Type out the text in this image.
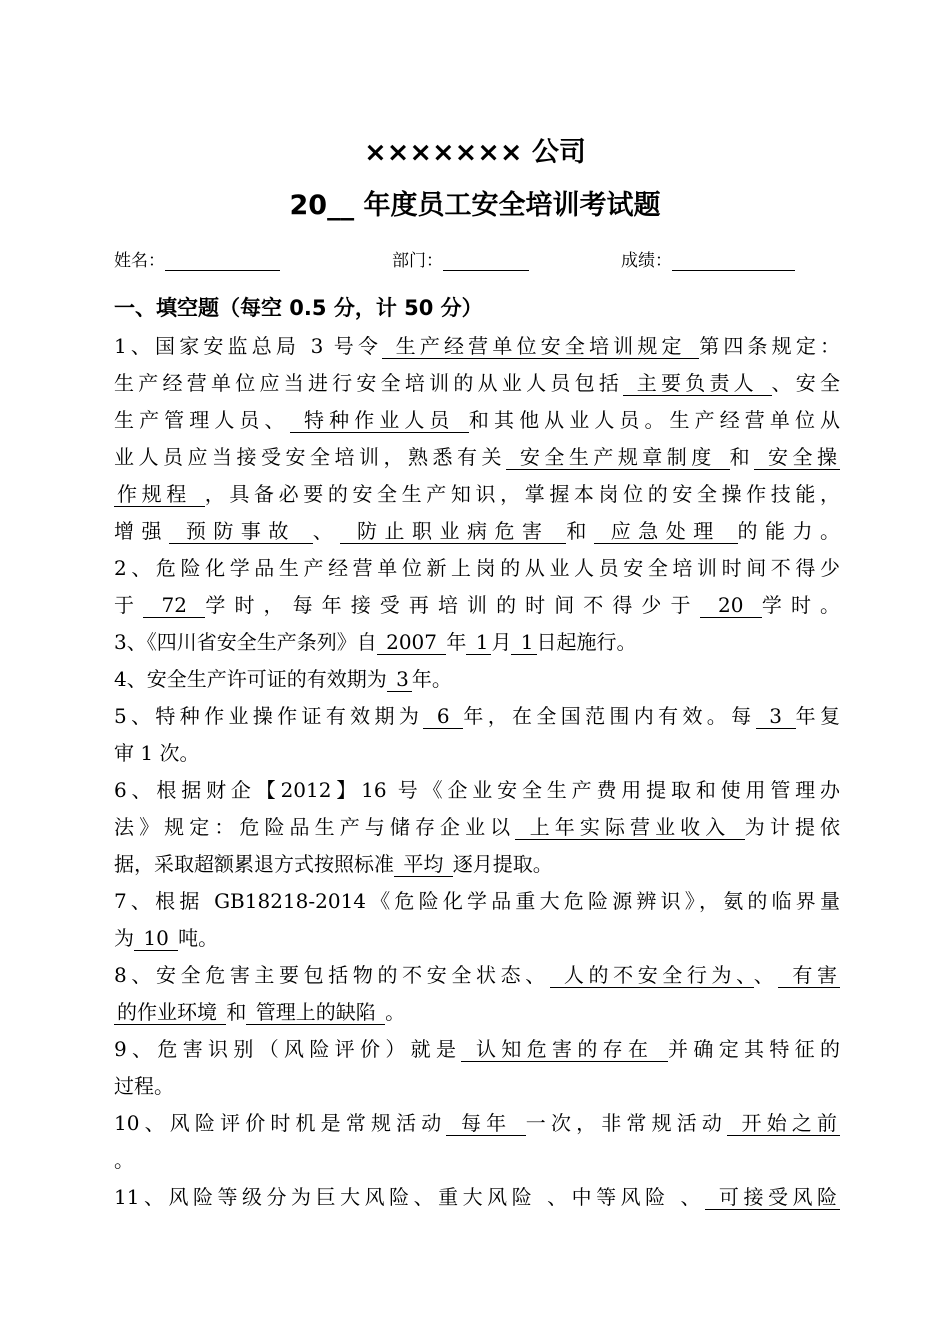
××××××× 公司
20__ 年度员工安全培训考试题
姓名：	部门：	成绩：
一、填空题（每空 0.5 分，计 50 分）
1、国家安监总局 3 号令 生产经营单位安全培训规定 第四条规定：
生产经营单位应当进行安全培训的从业人员包括 主要负责人 、安全
生产管理人员、 特种作业人员 和其他从业人员。生产经营单位从
业人员应当接受安全培训，熟悉有关 安全生产规章制度 和 安全操
作规程 ，具备必要的安全生产知识，掌握本岗位的安全操作技能，
增强 预防事故 、 防止职业病危害 和 应急处理 的能力。
2、危险化学品生产经营单位新上岗的从业人员安全培训时间不得少
于 72 学时，每年接受再培训的时间不得少于 20 学时。
3、《四川省安全生产条列》自 2007 年 1 月 1 日起施行。
4、安全生产许可证的有效期为 3 年。
5、特种作业操作证有效期为 6 年，在全国范围内有效。每 3 年复
审 1 次。
6、根据财企【2012】16 号《企业安全生产费用提取和使用管理办
法》规定：危险品生产与储存企业以 上年实际营业收入 为计提依
据，采取超额累退方式按照标准 平均 逐月提取。
7、根据 GB18218-2014《危险化学品重大危险源辨识》，氨的临界量
为 10 吨。
8、安全危害主要包括物的不安全状态、 人的不安全行为、 、 有害
的作业环境 和 管理上的缺陷 。
9、危害识别（风险评价）就是 认知危害的存在 并确定其特征的
过程。
10、风险评价时机是常规活动 每年 一次，非常规活动 开始之前
。
11、风险等级分为巨大风险、重大风险 、中等风险 、 可接受风险
